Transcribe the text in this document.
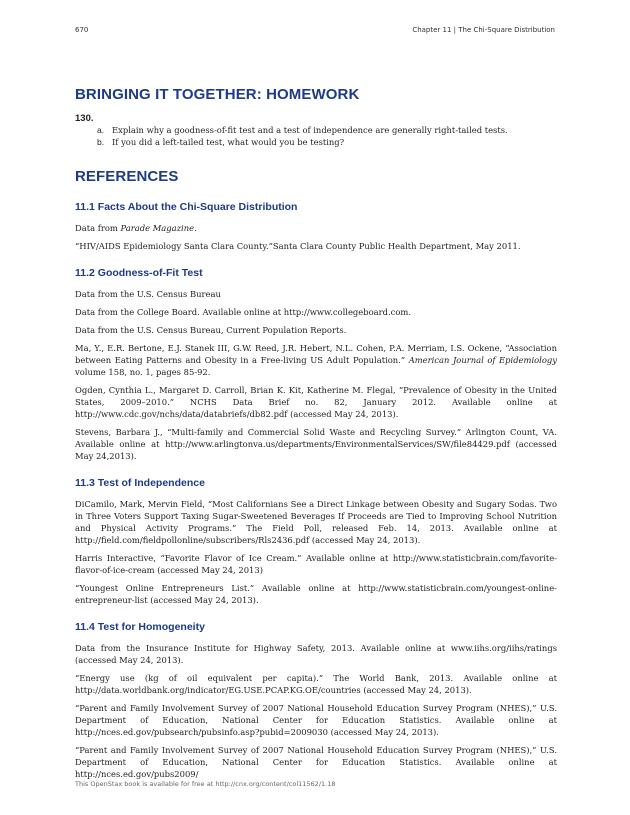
670	Chapter 11 | The Chi-Square Distribution
BRINGING IT TOGETHER: HOMEWORK
130.
a. Explain why a goodness-of-fit test and a test of independence are generally right-tailed tests.
b. If you did a left-tailed test, what would you be testing?
REFERENCES
11.1 Facts About the Chi-Square Distribution

Data from Parade Magazine.

“HIV/AIDS Epidemiology Santa Clara County.”Santa Clara County Public Health Department, May 2011.

11.2 Goodness-of-Fit Test

Data from the U.S. Census Bureau

Data from the College Board. Available online at http://www.collegeboard.com.

Data from the U.S. Census Bureau, Current Population Reports.

Ma, Y., E.R. Bertone, E.J. Stanek III, G.W. Reed, J.R. Hebert, N.L. Cohen, P.A. Merriam, I.S. Ockene, “Association between Eating Patterns and Obesity in a Free-living US Adult Population.” American Journal of Epidemiology volume 158, no. 1, pages 85-92.

Ogden, Cynthia L., Margaret D. Carroll, Brian K. Kit, Katherine M. Flegal, “Prevalence of Obesity in the United States, 2009–2010.” NCHS Data Brief no. 82, January 2012. Available online at http://www.cdc.gov/nchs/data/databriefs/db82.pdf (accessed May 24, 2013).

Stevens, Barbara J., “Multi-family and Commercial Solid Waste and Recycling Survey.” Arlington Count, VA. Available online at http://www.arlingtonva.us/departments/EnvironmentalServices/SW/file84429.pdf (accessed May 24,2013).

11.3 Test of Independence

DiCamilo, Mark, Mervin Field, “Most Californians See a Direct Linkage between Obesity and Sugary Sodas. Two in Three Voters Support Taxing Sugar-Sweetened Beverages If Proceeds are Tied to Improving School Nutrition and Physical Activity Programs.” The Field Poll, released Feb. 14, 2013. Available online at http://field.com/fieldpollonline/subscribers/Rls2436.pdf (accessed May 24, 2013).

Harris Interactive, “Favorite Flavor of Ice Cream.” Available online at http://www.statisticbrain.com/favorite-flavor-of-ice-cream (accessed May 24, 2013)

“Youngest Online Entrepreneurs List.” Available online at http://www.statisticbrain.com/youngest-online-entrepreneur-list (accessed May 24, 2013).

11.4 Test for Homogeneity

Data from the Insurance Institute for Highway Safety, 2013. Available online at www.iihs.org/iihs/ratings (accessed May 24, 2013).

“Energy use (kg of oil equivalent per capita).” The World Bank, 2013. Available online at http://data.worldbank.org/indicator/EG.USE.PCAP.KG.OE/countries (accessed May 24, 2013).

“Parent and Family Involvement Survey of 2007 National Household Education Survey Program (NHES),” U.S. Department of Education, National Center for Education Statistics. Available online at http://nces.ed.gov/pubsearch/pubsinfo.asp?pubid=2009030 (accessed May 24, 2013).

“Parent and Family Involvement Survey of 2007 National Household Education Survey Program (NHES),” U.S. Department of Education, National Center for Education Statistics. Available online at http://nces.ed.gov/pubs2009/

This OpenStax book is available for free at http://cnx.org/content/col11562/1.18
